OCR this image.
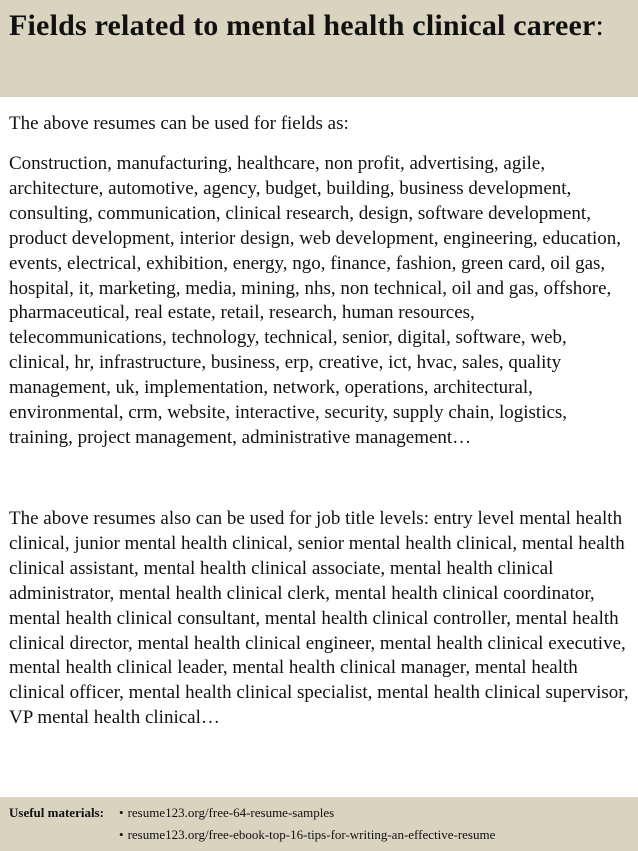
Fields related to mental health clinical career:

The above resumes can be used for fields as:

Construction, manufacturing, healthcare, non profit, advertising, agile, architecture, automotive, agency, budget, building, business development, consulting, communication, clinical research, design, software development, product development, interior design, web development, engineering, education, events, electrical, exhibition, energy, ngo, finance, fashion, green card, oil gas, hospital, it, marketing, media, mining, nhs, non technical, oil and gas, offshore, pharmaceutical, real estate, retail, research, human resources, telecommunications, technology, technical, senior, digital, software, web, clinical, hr, infrastructure, business, erp, creative, ict, hvac, sales, quality management, uk, implementation, network, operations, architectural, environmental, crm, website, interactive, security, supply chain, logistics, training, project management, administrative management…

The above resumes also can be used for job title levels: entry level mental health clinical, junior mental health clinical, senior mental health clinical, mental health clinical assistant, mental health clinical associate, mental health clinical administrator, mental health clinical clerk, mental health clinical coordinator, mental health clinical consultant, mental health clinical controller, mental health clinical director, mental health clinical engineer, mental health clinical executive, mental health clinical leader, mental health clinical manager, mental health clinical officer, mental health clinical specialist, mental health clinical supervisor, VP mental health clinical…

Useful materials: • resume123.org/free-64-resume-samples
• resume123.org/free-ebook-top-16-tips-for-writing-an-effective-resume
